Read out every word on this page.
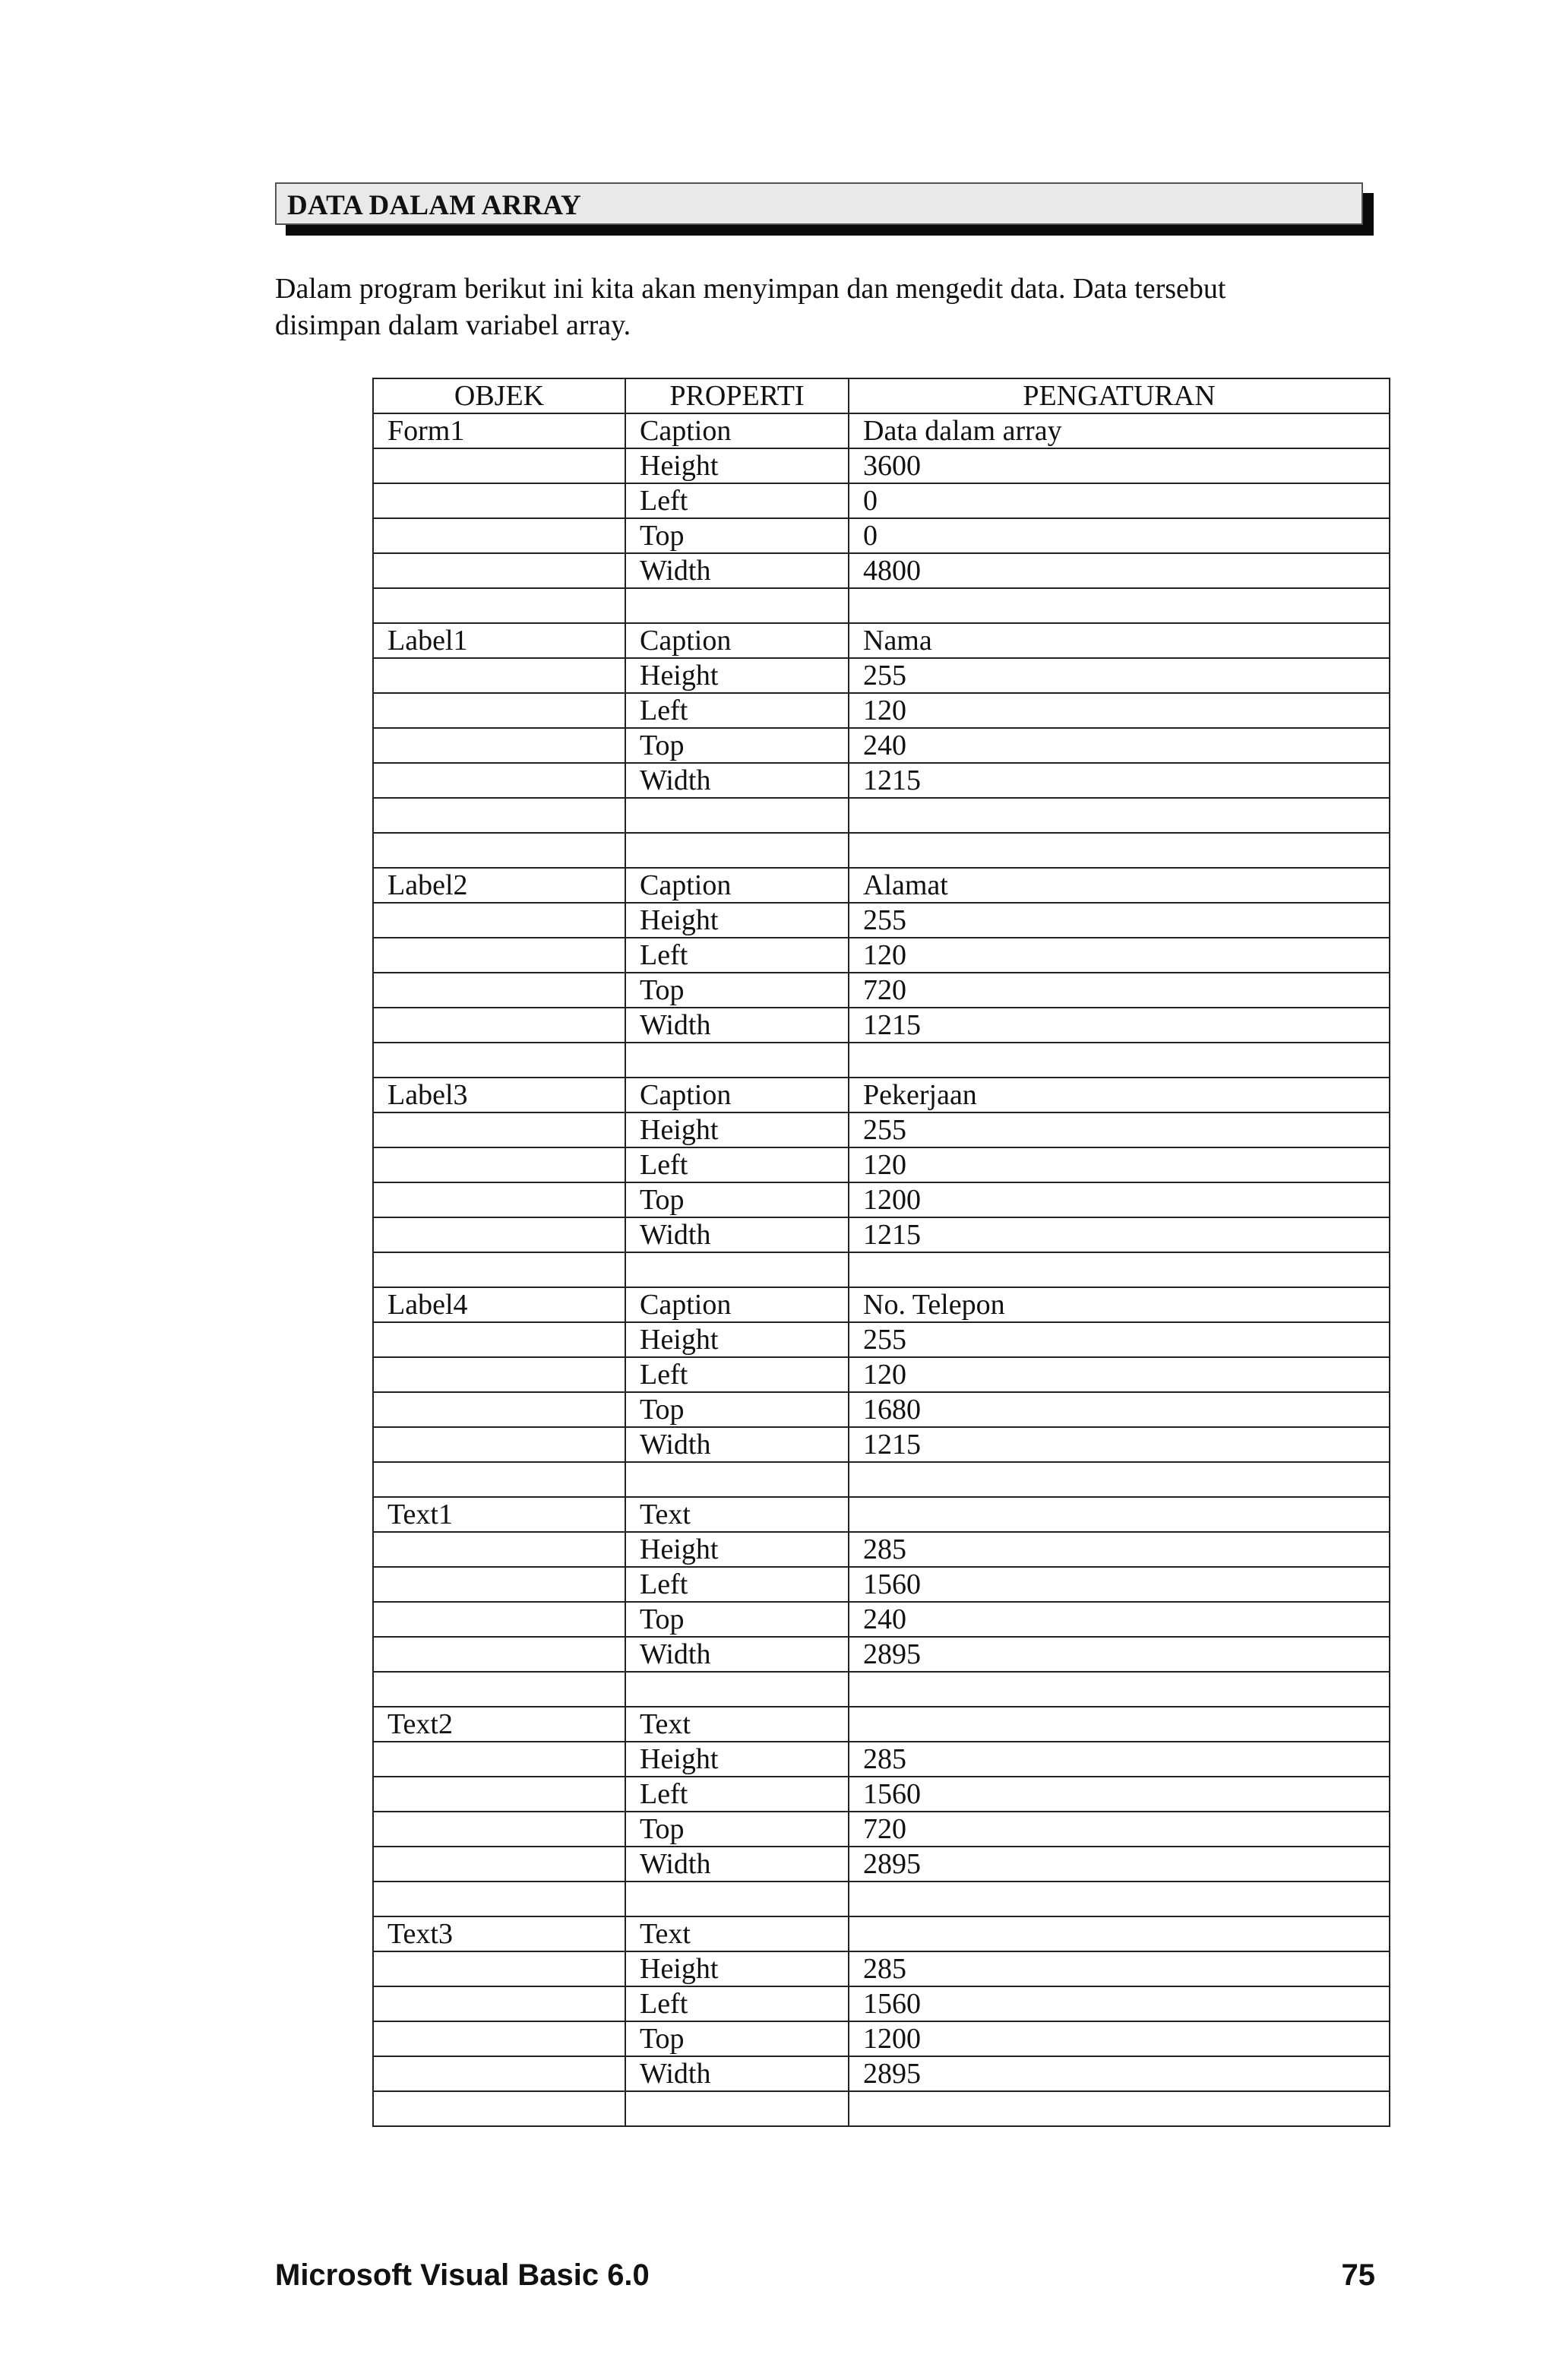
DATA DALAM ARRAY
Dalam program berikut ini kita akan menyimpan dan mengedit data. Data tersebut
disimpan dalam variabel array.
OBJEK	PROPERTI	PENGATURAN
Form1	Caption	Data dalam array
	Height	3600
	Left	0
	Top	0
	Width	4800

Label1	Caption	Nama
	Height	255
	Left	120
	Top	240
	Width	1215

Label2	Caption	Alamat
	Height	255
	Left	120
	Top	720
	Width	1215

Label3	Caption	Pekerjaan
	Height	255
	Left	120
	Top	1200
	Width	1215

Label4	Caption	No. Telepon
	Height	255
	Left	120
	Top	1680
	Width	1215

Text1	Text	
	Height	285
	Left	1560
	Top	240
	Width	2895

Text2	Text	
	Height	285
	Left	1560
	Top	720
	Width	2895

Text3	Text	
	Height	285
	Left	1560
	Top	1200
	Width	2895

Microsoft Visual Basic 6.0	75
